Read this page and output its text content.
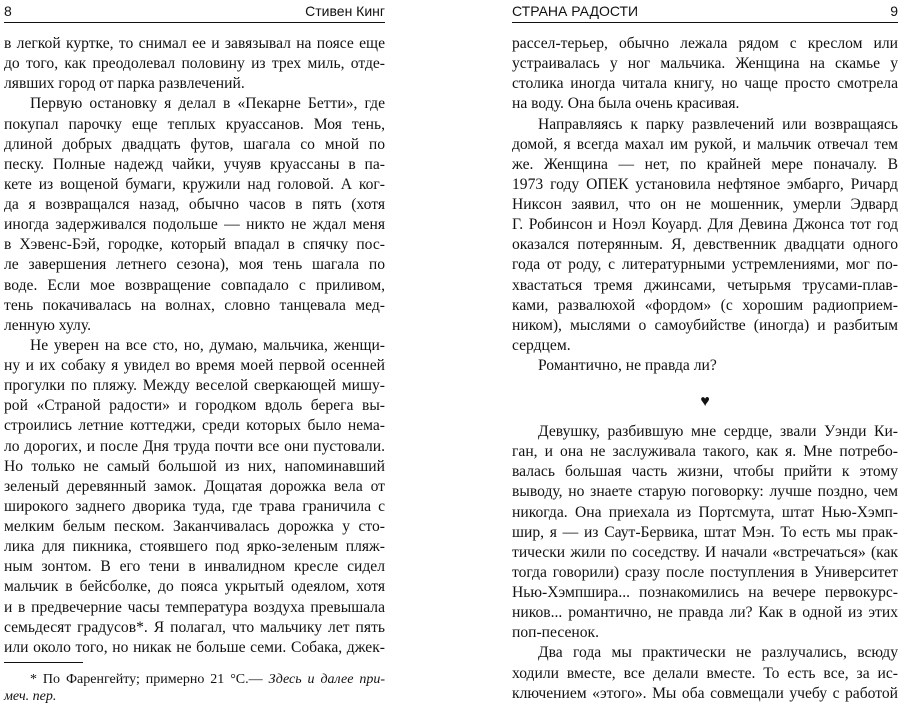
8	Стивен Кинг
в легкой куртке, то снимал ее и завязывал на поясе еще
до того, как преодолевал половину из трех миль, отде-
лявших город от парка развлечений.
Первую остановку я делал в «Пекарне Бетти», где
покупал парочку еще теплых круассанов. Моя тень,
длиной добрых двадцать футов, шагала со мной по
песку. Полные надежд чайки, учуяв круассаны в па-
кете из вощеной бумаги, кружили над головой. А ког-
да я возвращался назад, обычно часов в пять (хотя
иногда задерживался подольше — никто не ждал меня
в Хэвенс-Бэй, городке, который впадал в спячку пос-
ле завершения летнего сезона), моя тень шагала по
воде. Если мое возвращение совпадало с приливом,
тень покачивалась на волнах, словно танцевала мед-
ленную хулу.
Не уверен на все сто, но, думаю, мальчика, женщи-
ну и их собаку я увидел во время моей первой осенней
прогулки по пляжу. Между веселой сверкающей мишу-
рой «Страной радости» и городком вдоль берега вы-
строились летние коттеджи, среди которых было нема-
ло дорогих, и после Дня труда почти все они пустовали.
Но только не самый большой из них, напоминавший
зеленый деревянный замок. Дощатая дорожка вела от
широкого заднего дворика туда, где трава граничила с
мелким белым песком. Заканчивалась дорожка у сто-
лика для пикника, стоявшего под ярко-зеленым пляж-
ным зонтом. В его тени в инвалидном кресле сидел
мальчик в бейсболке, до пояса укрытый одеялом, хотя
и в предвечерние часы температура воздуха превышала
семьдесят градусов*. Я полагал, что мальчику лет пять
или около того, но никак не больше семи. Собака, джек-
* По Фаренгейту; примерно 21 °С.— Здесь и далее при-
меч. пер.
СТРАНА РАДОСТИ	9
рассел-терьер, обычно лежала рядом с креслом или
устраивалась у ног мальчика. Женщина на скамье у
столика иногда читала книгу, но чаще просто смотрела
на воду. Она была очень красивая.
Направляясь к парку развлечений или возвращаясь
домой, я всегда махал им рукой, и мальчик отвечал тем
же. Женщина — нет, по крайней мере поначалу. В
1973 году ОПЕК установила нефтяное эмбарго, Ричард
Никсон заявил, что он не мошенник, умерли Эдвард
Г. Робинсон и Ноэл Коуард. Для Девина Джонса тот год
оказался потерянным. Я, девственник двадцати одного
года от роду, с литературными устремлениями, мог по-
хвастаться тремя джинсами, четырьмя трусами-плав-
ками, развалюхой «фордом» (с хорошим радиоприем-
ником), мыслями о самоубийстве (иногда) и разбитым
сердцем.
Романтично, не правда ли?
♥
Девушку, разбившую мне сердце, звали Уэнди Ки-
ган, и она не заслуживала такого, как я. Мне потребо-
валась большая часть жизни, чтобы прийти к этому
выводу, но знаете старую поговорку: лучше поздно, чем
никогда. Она приехала из Портсмута, штат Нью-Хэмп-
шир, я — из Саут-Бервика, штат Мэн. То есть мы прак-
тически жили по соседству. И начали «встречаться» (как
тогда говорили) сразу после поступления в Университет
Нью-Хэмпшира... познакомились на вечере первокурс-
ников... романтично, не правда ли? Как в одной из этих
поп-песенок.
Два года мы практически не разлучались, всюду
ходили вместе, все делали вместе. То есть все, за ис-
ключением «этого». Мы оба совмещали учебу с работой
